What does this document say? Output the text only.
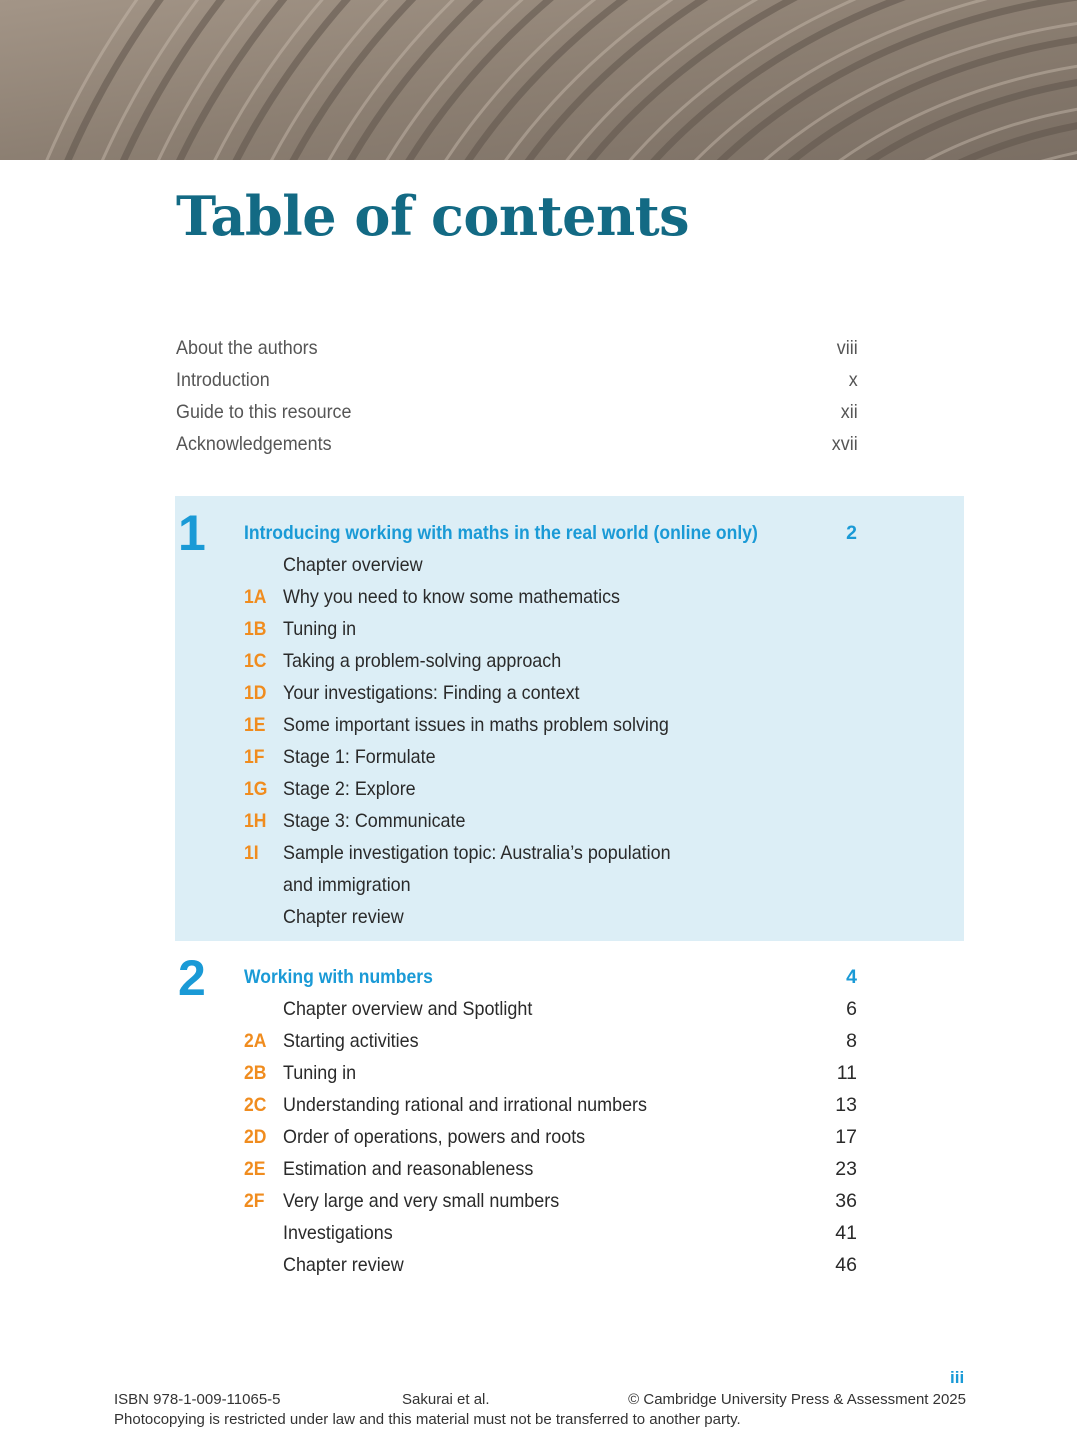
Table of contents
About the authors	viii
Introduction	x
Guide to this resource	xii
Acknowledgements	xvii
1 Introducing working with maths in the real world (online only)	2
Chapter overview
1A Why you need to know some mathematics
1B Tuning in
1C Taking a problem-solving approach
1D Your investigations: Finding a context
1E Some important issues in maths problem solving
1F Stage 1: Formulate
1G Stage 2: Explore
1H Stage 3: Communicate
1I	Sample investigation topic: Australia’s population
and immigration
Chapter review
2 Working with numbers	4
Chapter overview and Spotlight	6
2A Starting activities	8
2B Tuning in	11
2C Understanding rational and irrational numbers	13
2D Order of operations, powers and roots	17
2E Estimation and reasonableness	23
2F Very large and very small numbers	36
Investigations	41
Chapter review	46
iii
ISBN 978-1-009-11065-5	Sakurai et al.	© Cambridge University Press & Assessment 2025
Photocopying is restricted under law and this material must not be transferred to another party.
